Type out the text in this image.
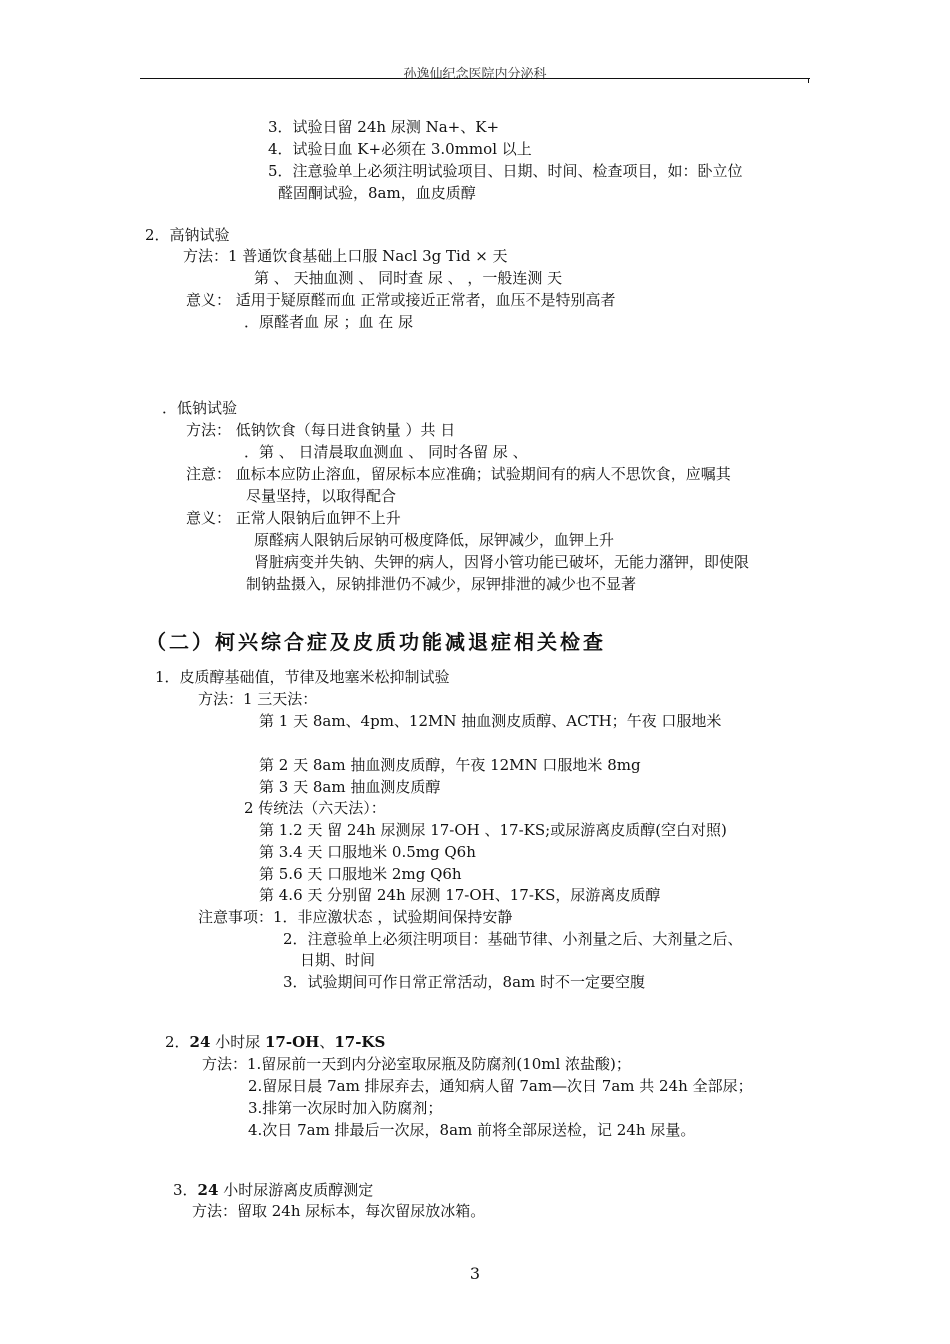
孙逸仙纪念医院内分泌科
3．试验日留 24h 尿测 Na+、K+
4．试验日血 K+必须在 3.0mmol 以上
5．注意验单上必须注明试验项目、日期、时间、检查项目，如：卧立位
醛固酮试验，8am，血皮质醇
2．高钠试验
方法：1 普通饮食基础上口服 Nacl 3g Tid × 天
第 、 天抽血测 、 同时查 尿 、 ，一般连测 天
意义： 适用于疑原醛而血 正常或接近正常者，血压不是特别高者
．原醛者血 尿 ；血 在 尿
．低钠试验
方法： 低钠饮食（每日进食钠量 ）共 日
．第 、 日清晨取血测血 、 同时各留 尿 、
注意： 血标本应防止溶血，留尿标本应准确；试验期间有的病人不思饮食，应嘱其
尽量坚持，以取得配合
意义： 正常人限钠后血钾不上升
原醛病人限钠后尿钠可极度降低，尿钾减少，血钾上升
肾脏病变并失钠、失钾的病人，因肾小管功能已破坏，无能力潴钾，即使限
制钠盐摄入，尿钠排泄仍不减少，尿钾排泄的减少也不显著
（二）柯兴综合症及皮质功能减退症相关检查
1．皮质醇基础值，节律及地塞米松抑制试验
方法：1 三天法：
第 1 天 8am、4pm、12MN 抽血测皮质醇、ACTH；午夜 口服地米
第 2 天 8am 抽血测皮质醇，午夜 12MN 口服地米 8mg
第 3 天 8am 抽血测皮质醇
2 传统法（六天法）：
第 1.2 天 留 24h 尿测尿 17-OH 、17-KS;或尿游离皮质醇(空白对照)
第 3.4 天 口服地米 0.5mg Q6h
第 5.6 天 口服地米 2mg Q6h
第 4.6 天 分别留 24h 尿测 17-OH、17-KS，尿游离皮质醇
注意事项：1．非应激状态 ，试验期间保持安静
2．注意验单上必须注明项目：基础节律、小剂量之后、大剂量之后、
日期、时间
3．试验期间可作日常正常活动，8am 时不一定要空腹
2．24 小时尿 17-OH、17-KS
方法：1.留尿前一天到内分泌室取尿瓶及防腐剂(10ml 浓盐酸)；
2.留尿日晨 7am 排尿弃去，通知病人留 7am—次日 7am 共 24h 全部尿；
3.排第一次尿时加入防腐剂；
4.次日 7am 排最后一次尿，8am 前将全部尿送检，记 24h 尿量。
3．24 小时尿游离皮质醇测定
方法：留取 24h 尿标本，每次留尿放冰箱。
3
